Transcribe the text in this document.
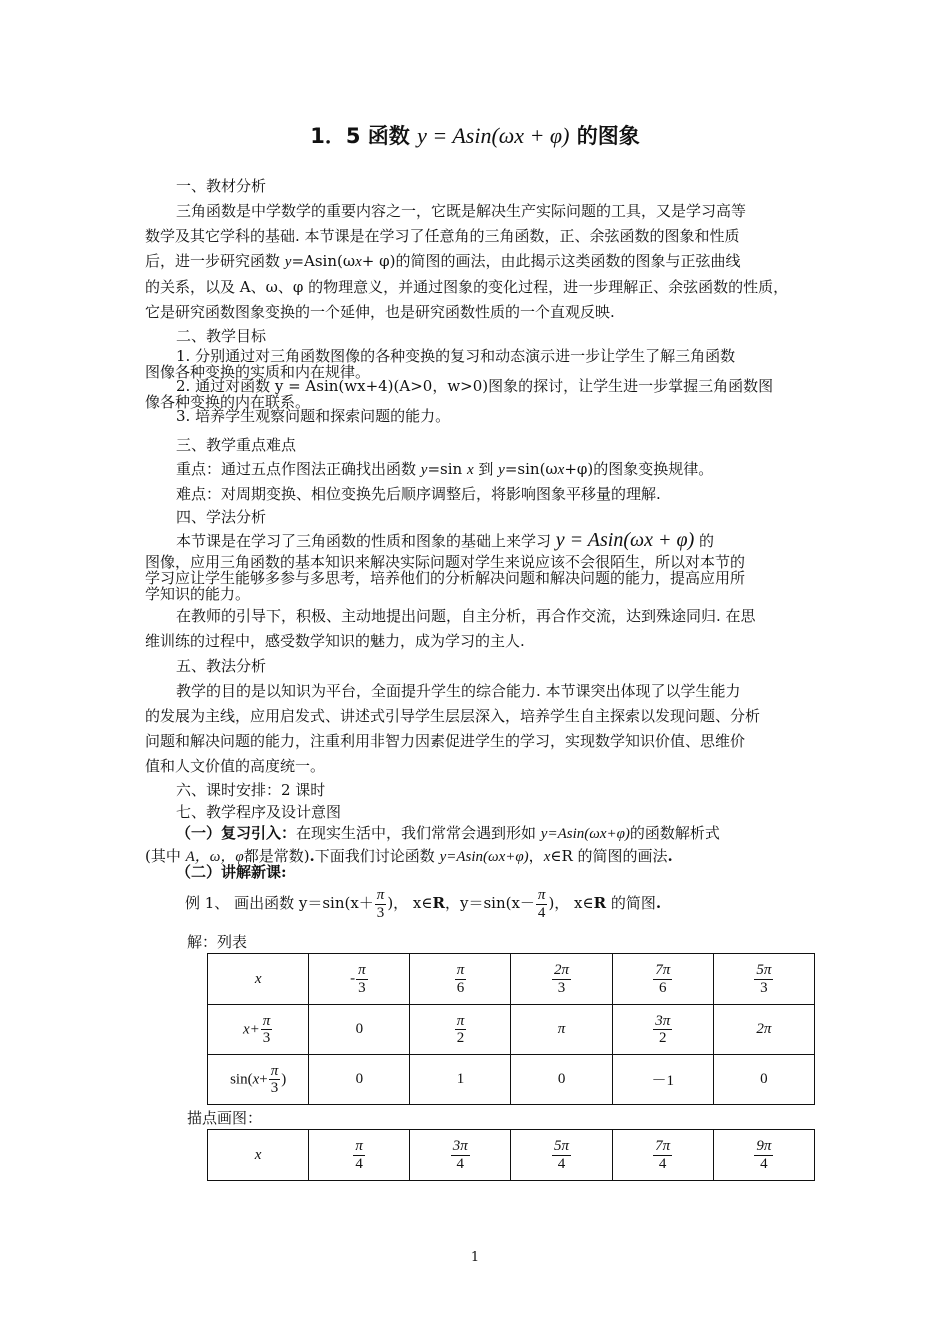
1．5 函数 y = Asin(ωx + φ) 的图象
一、教材分析
三角函数是中学数学的重要内容之一，它既是解决生产实际问题的工具，又是学习高等
数学及其它学科的基础. 本节课是在学习了任意角的三角函数，正、余弦函数的图象和性质
后，进一步研究函数 y=Asin(ωx+ φ)的简图的画法，由此揭示这类函数的图象与正弦曲线
的关系，以及 A、ω、φ 的物理意义，并通过图象的变化过程，进一步理解正、余弦函数的性质，
它是研究函数图象变换的一个延伸，也是研究函数性质的一个直观反映.
二、教学目标
1. 分别通过对三角函数图像的各种变换的复习和动态演示进一步让学生了解三角函数
图像各种变换的实质和内在规律。
2. 通过对函数 y = Asin(wx+4)(A>0，w>0)图象的探讨，让学生进一步掌握三角函数图
像各种变换的内在联系。
3. 培养学生观察问题和探索问题的能力。
三、教学重点难点
重点：通过五点作图法正确找出函数 y=sin x 到 y=sin(ωx+φ)的图象变换规律。
难点：对周期变换、相位变换先后顺序调整后，将影响图象平移量的理解.
四、学法分析
本节课是在学习了三角函数的性质和图象的基础上来学习 y = Asin(ωx + φ) 的
图像，应用三角函数的基本知识来解决实际问题对学生来说应该不会很陌生，所以对本节的
学习应让学生能够多参与多思考，培养他们的分析解决问题和解决问题的能力，提高应用所
学知识的能力。
在教师的引导下，积极、主动地提出问题，自主分析，再合作交流，达到殊途同归. 在思
维训练的过程中，感受数学知识的魅力，成为学习的主人.
五、教法分析
教学的目的是以知识为平台，全面提升学生的综合能力. 本节课突出体现了以学生能力
的发展为主线，应用启发式、讲述式引导学生层层深入，培养学生自主探索以发现问题、分析
问题和解决问题的能力，注重利用非智力因素促进学生的学习，实现数学知识价值、思维价
值和人文价值的高度统一。
六、课时安排：2 课时
七、教学程序及设计意图
（一）复习引入：在现实生活中，我们常常会遇到形如 y=Asin(ωx+φ)的函数解析式
(其中 A，ω，φ都是常数).下面我们讨论函数 y=Asin(ωx+φ)，x∈R 的简图的画法.
（二）讲解新课:
例 1、 画出函数 $y=\sin(x+ \frac{\pi}{3}$ )， x∈R，$y=\sin(x- \frac{\pi}{4}$ )， x∈R 的简图.
解：列表
x	- $\frac{\pi}{3}$	$\frac{\pi}{6}$	$\frac{2\pi}{3}$	$\frac{7\pi}{6}$	$\frac{5\pi}{3}$

$x+ \frac{\pi}{3}$	0	$\frac{\pi}{2}$	π	$\frac{3\pi}{2}$	2π
$\sin(x+ \frac{\pi}{3}$ )	0	1	0	－1	0
描点画图：
x	$\frac{\pi}{4}$	$\frac{3\pi}{4}$	$\frac{5\pi}{4}$	$\frac{7\pi}{4}$	$\frac{9\pi}{4}$
1
